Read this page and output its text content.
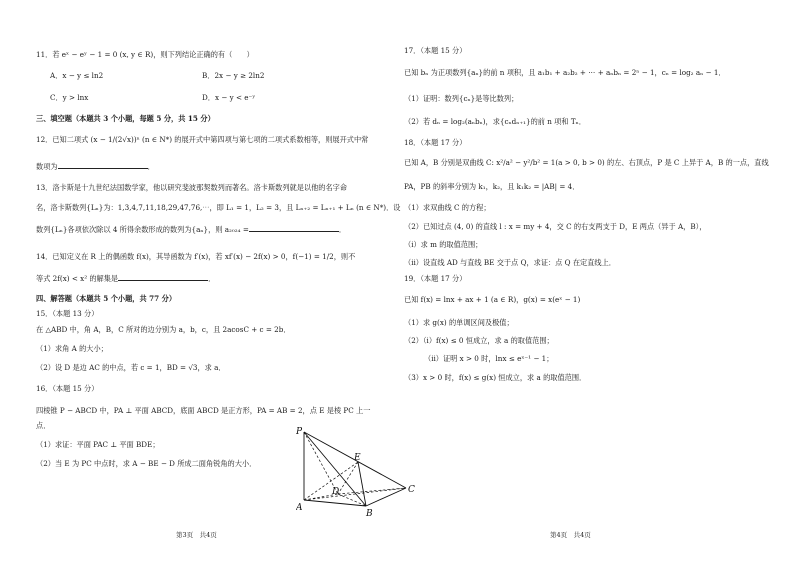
11．若 eˣ − eʸ − 1 = 0 (x, y ∈ R)，则下列结论正确的有（　　）
A．x − y ≤ ln2	B．2x − y ≥ 2ln2
C．y > lnx	D．x − y < e⁻ʸ
三、填空题（本题共 3 个小题，每题 5 分，共 15 分）
12．已知二项式 (x − 1/(2√x))ⁿ (n ∈ N*) 的展开式中第四项与第七项的二项式系数相等，则展开式中常
数项为	．
13．洛卡斯是十九世纪法国数学家，他以研究斐波那契数列而著名。洛卡斯数列就是以他的名字命
名，洛卡斯数列{Lₙ}为：1,3,4,7,11,18,29,47,76,⋯，即 L₁ = 1，L₂ = 3，且 Lₙ₊₂ = Lₙ₊₁ + Lₙ (n ∈ N*)．设
数列{Lₙ}各项依次除以 4 所得余数形成的数列为{aₙ}，则 a₂₀₂₄ =	．
14．已知定义在 R 上的偶函数 f(x)，其导函数为 f′(x)，若 xf′(x) − 2f(x) > 0，f(−1) = 1/2，则不
等式 2f(x) < x² 的解集是	．
四、解答题（本题共 5 个小题，共 77 分）
15．（本题 13 分）
在 △ABD 中，角 A，B，C 所对的边分别为 a，b，c，且 2acosC + c = 2b．
（1）求角 A 的大小；
（2）设 D 是边 AC 的中点，若 c = 1，BD = √3，求 a．
16．（本题 15 分）
四棱锥 P − ABCD 中，PA ⊥ 平面 ABCD，底面 ABCD 是正方形，PA = AB = 2，点 E 是棱 PC 上一
点．
（1）求证：平面 PAC ⊥ 平面 BDE；
（2）当 E 为 PC 中点时，求 A − BE − D 所成二面角锐角的大小．
第3页　共4页
P
E
D	C
A
B
17．（本题 15 分）
已知 bₙ 为正项数列{aₙ}的前 n 项积，且 a₁b₁ + a₂b₂ + ⋯ + aₙbₙ = 2ⁿ − 1，cₙ = log₂ aₙ − 1．
（1）证明：数列{cₙ}是等比数列；
（2）若 dₙ = log₂(aₙbₙ)，求{cₙdₙ₊₁}的前 n 项和 Tₙ．
18．（本题 17 分）
已知 A，B 分别是双曲线 C: x²/a² − y²/b² = 1(a > 0, b > 0) 的左、右顶点，P 是 C 上异于 A，B 的一点，直线
PA，PB 的斜率分别为 k₁，k₂，且 k₁k₂ = |AB| = 4．
（1）求双曲线 C 的方程；
（2）已知过点 (4, 0) 的直线 l : x = my + 4，交 C 的右支两支于 D，E 两点（异于 A，B），
（ⅰ）求 m 的取值范围；
（ⅱ）设直线 AD 与直线 BE 交于点 Q，求证：点 Q 在定直线上．
19．（本题 17 分）
已知 f(x) = lnx + ax + 1 (a ∈ R)，g(x) = x(eˣ − 1)
（1）求 g(x) 的单调区间及极值；
（2）（ⅰ）f(x) ≤ 0 恒成立，求 a 的取值范围；
（ⅱ）证明 x > 0 时，lnx ≤ eˣ⁻¹ − 1；
（3）x > 0 时，f(x) ≤ g(x) 恒成立，求 a 的取值范围．
第4页　共4页
